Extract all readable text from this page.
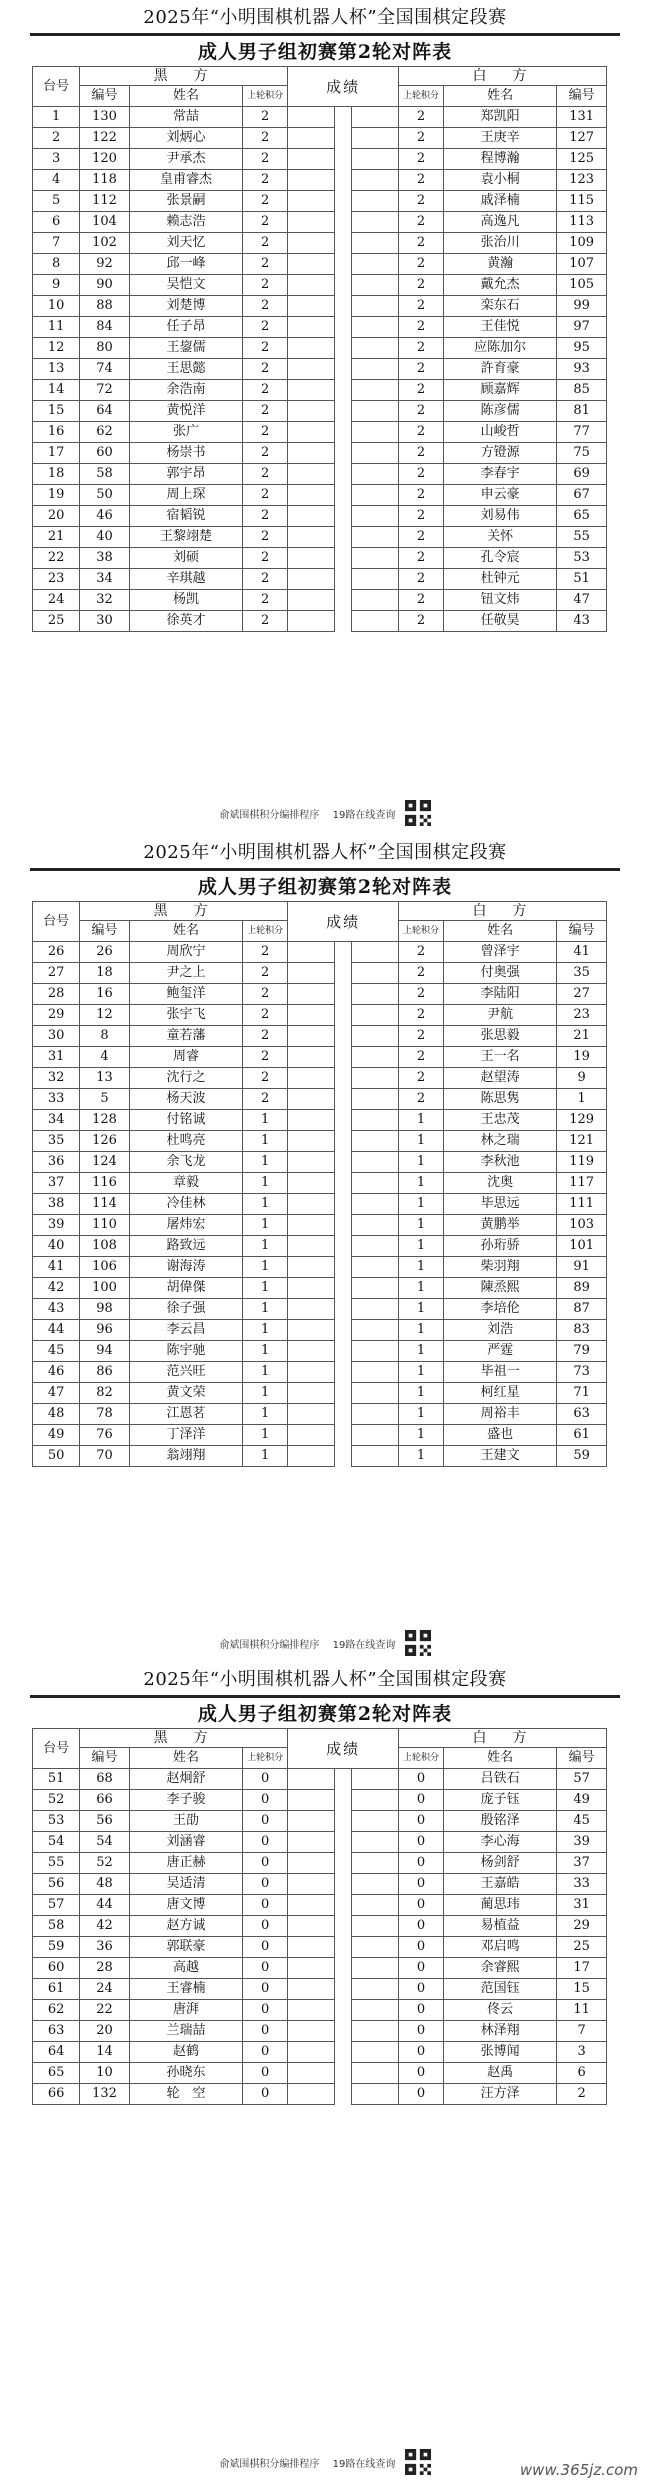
2025年“小明围棋机器人杯”全国围棋定段赛
成人男子组初赛第2轮对阵表
台号	黑　方			成绩			白　方		
	编号	姓名	上轮积分				上轮积分	姓名	编号
1	130	常喆	2				2	郑凯阳	131
2	122	刘炳心	2				2	王庚辛	127
3	120	尹承杰	2				2	程博瀚	125
4	118	皇甫睿杰	2				2	袁小桐	123
5	112	张景嗣	2				2	戚泽楠	115
6	104	赖志浩	2				2	高逸凡	113
7	102	刘天忆	2				2	张治川	109
8	92	邱一峰	2				2	黄瀚	107
9	90	吴恺文	2				2	戴允杰	105
10	88	刘楚博	2				2	栾东石	99
11	84	任子昂	2				2	王佳悦	97
12	80	王鋆儒	2				2	应陈加尔	95
13	74	王思懿	2				2	許育豪	93
14	72	余浩南	2				2	顾嘉辉	85
15	64	黄悦洋	2				2	陈彦儒	81
16	62	张广	2				2	山峻哲	77
17	60	杨崇书	2				2	方镫源	75
18	58	郭宇昂	2				2	李春宇	69
19	50	周上琛	2				2	申云豪	67
20	46	宿韬锐	2				2	刘易伟	65
21	40	王黎翊楚	2				2	关怀	55
22	38	刘硕	2				2	孔令宸	53
23	34	辛琪越	2				2	杜钟元	51
24	32	杨凯	2				2	钮文炜	47
25	30	徐英才	2				2	任敬昊	43
俞斌围棋积分编排程序 19路在线查询
2025年“小明围棋机器人杯”全国围棋定段赛
成人男子组初赛第2轮对阵表
台号	黑　方			成绩			白　方		
	编号	姓名	上轮积分				上轮积分	姓名	编号
26	26	周欣宁	2				2	曾泽宇	41
27	18	尹之上	2				2	付奥强	35
28	16	鲍玺洋	2				2	李陆阳	27
29	12	张宇飞	2				2	尹航	23
30	8	童若藩	2				2	张思毅	21
31	4	周睿	2				2	王一名	19
32	13	沈行之	2				2	赵望涛	9
33	5	杨天波	2				2	陈思隽	1
34	128	付铭诚	1				1	王忠茂	129
35	126	杜鸣亮	1				1	林之瑞	121
36	124	余飞龙	1				1	李秋池	119
37	116	章毅	1				1	沈奥	117
38	114	冷佳林	1				1	毕思远	111
39	110	屠炜宏	1				1	黄鹏举	103
40	108	路致远	1				1	孙珩骄	101
41	106	谢海涛	1				1	柴羽翔	91
42	100	胡偉傑	1				1	陳烝熙	89
43	98	徐子强	1				1	李培伦	87
44	96	李云昌	1				1	刘浩	83
45	94	陈宇驰	1				1	严霆	79
46	86	范兴旺	1				1	毕祖一	73
47	82	黄文荣	1				1	柯红星	71
48	78	江恩茗	1				1	周裕丰	63
49	76	丁泽洋	1				1	盛也	61
50	70	翁翊翔	1				1	王建文	59
俞斌围棋积分编排程序 19路在线查询
2025年“小明围棋机器人杯”全国围棋定段赛
成人男子组初赛第2轮对阵表
台号	黑　方			成绩			白　方		
	编号	姓名	上轮积分				上轮积分	姓名	编号
51	68	赵炯舒	0				0	吕铁石	57
52	66	李子骏	0				0	庞子钰	49
53	56	王劭	0				0	殷铭泽	45
54	54	刘涵睿	0				0	李心海	39
55	52	唐正赫	0				0	杨剑舒	37
56	48	吴适清	0				0	王嘉皓	33
57	44	唐文博	0				0	蔺思玮	31
58	42	赵方诚	0				0	易植益	29
59	36	郭联豪	0				0	邓启鸣	25
60	28	高越	0				0	余睿熙	17
61	24	王睿楠	0				0	范国钰	15
62	22	唐湃	0				0	佟云	11
63	20	兰瑞喆	0				0	林泽翔	7
64	14	赵鹤	0				0	张博闻	3
65	10	孙晓东	0				0	赵禹	6
66	132	轮　空	0				0	汪方泽	2
俞斌围棋积分编排程序 19路在线查询	www.365jz.com
